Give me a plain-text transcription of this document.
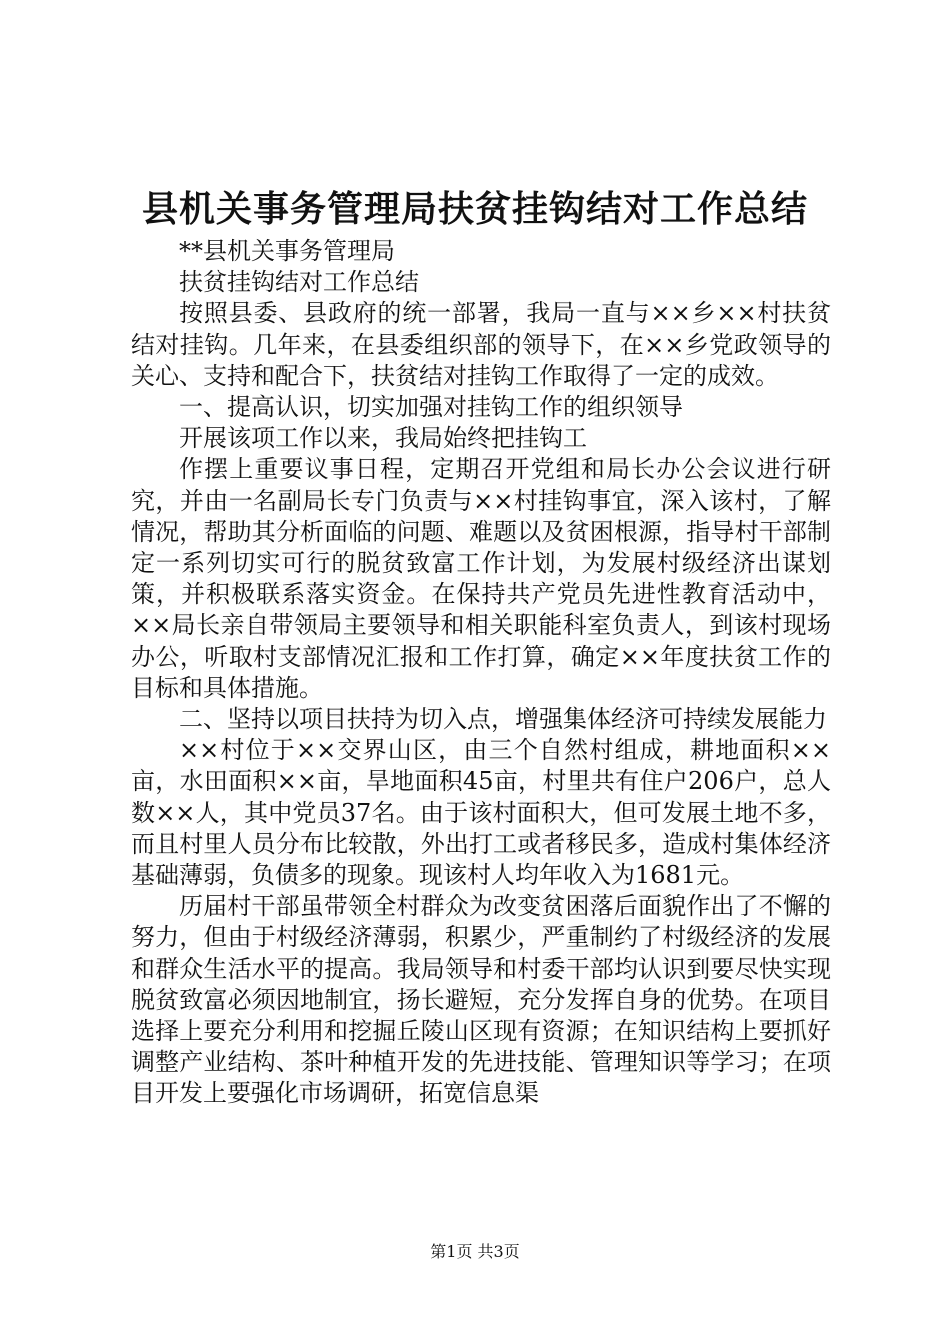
县机关事务管理局扶贫挂钩结对工作总结

**县机关事务管理局

扶贫挂钩结对工作总结

按照县委、县政府的统一部署，我局一直与××乡××村扶贫结对挂钩。几年来，在县委组织部的领导下，在××乡党政领导的关心、支持和配合下，扶贫结对挂钩工作取得了一定的成效。

一、提高认识，切实加强对挂钩工作的组织领导

开展该项工作以来，我局始终把挂钩工

作摆上重要议事日程，定期召开党组和局长办公会议进行研究，并由一名副局长专门负责与××村挂钩事宜，深入该村，了解情况，帮助其分析面临的问题、难题以及贫困根源，指导村干部制定一系列切实可行的脱贫致富工作计划，为发展村级经济出谋划策，并积极联系落实资金。在保持共产党员先进性教育活动中，××局长亲自带领局主要领导和相关职能科室负责人，到该村现场办公，听取村支部情况汇报和工作打算，确定××年度扶贫工作的目标和具体措施。

二、坚持以项目扶持为切入点，增强集体经济可持续发展能力

××村位于××交界山区，由三个自然村组成，耕地面积××亩，水田面积××亩，旱地面积45亩，村里共有住户206户，总人数××人，其中党员37名。由于该村面积大，但可发展土地不多，而且村里人员分布比较散，外出打工或者移民多，造成村集体经济基础薄弱，负债多的现象。现该村人均年收入为1681元。

历届村干部虽带领全村群众为改变贫困落后面貌作出了不懈的努力，但由于村级经济薄弱，积累少，严重制约了村级经济的发展和群众生活水平的提高。我局领导和村委干部均认识到要尽快实现脱贫致富必须因地制宜，扬长避短，充分发挥自身的优势。在项目选择上要充分利用和挖掘丘陵山区现有资源；在知识结构上要抓好调整产业结构、茶叶种植开发的先进技能、管理知识等学习；在项目开发上要强化市场调研，拓宽信息渠

第1页 共3页
